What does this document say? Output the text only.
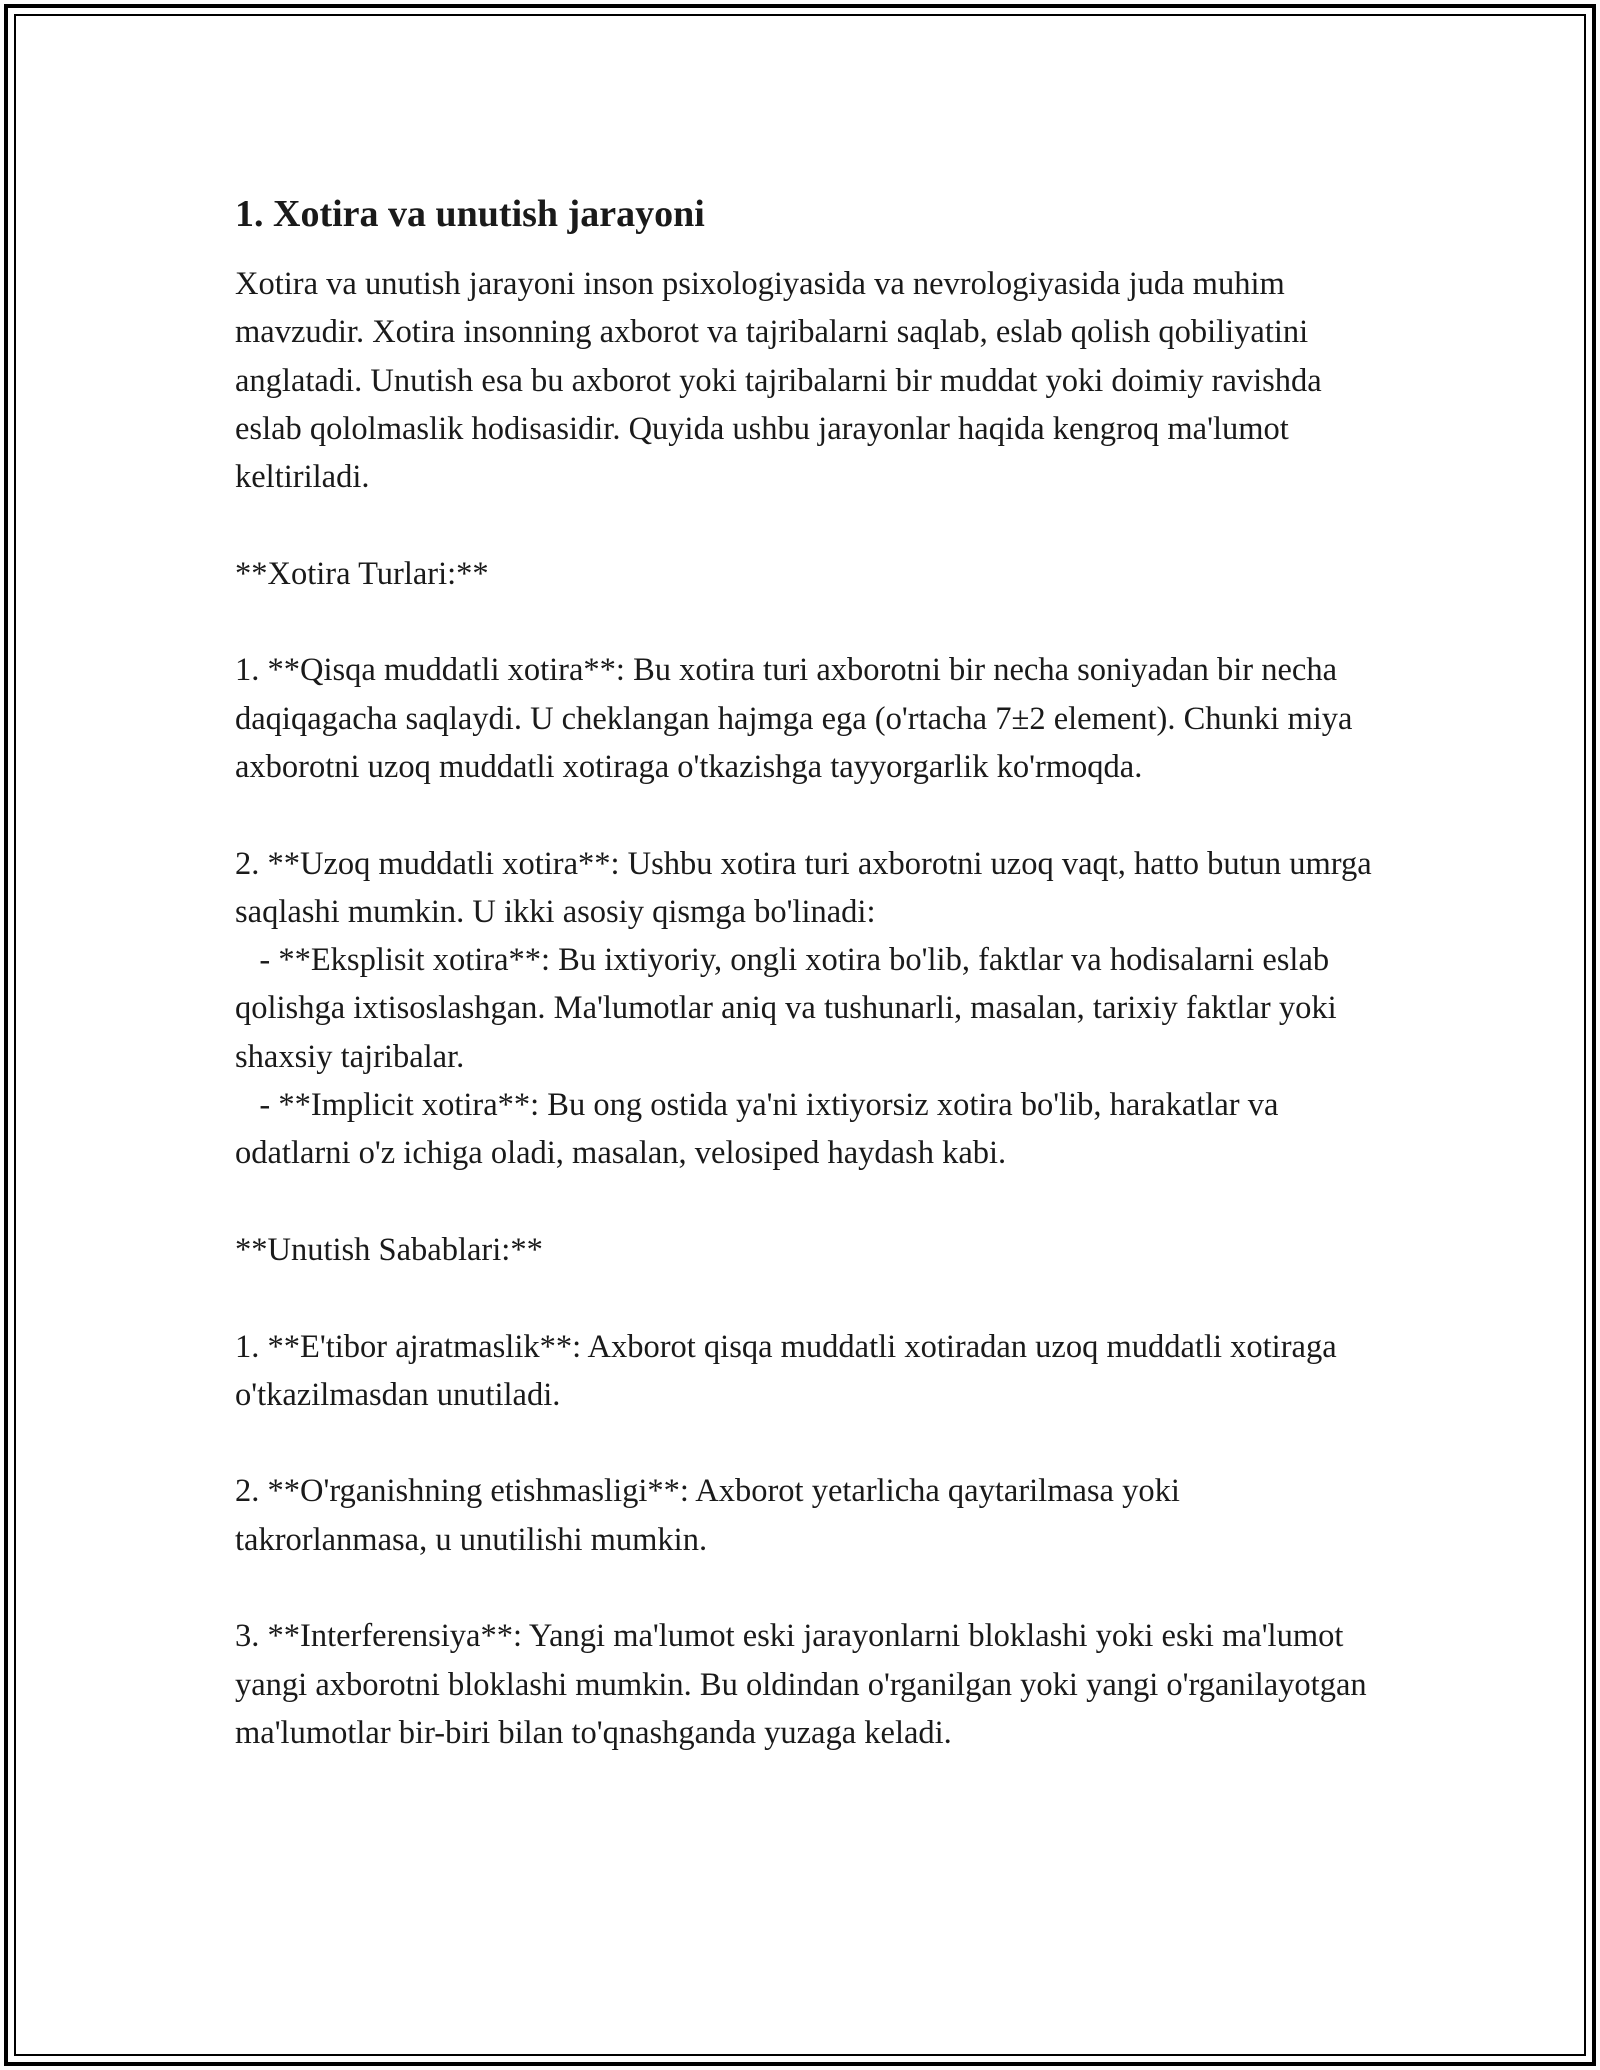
1. Xotira va unutish jarayoni

Xotira va unutish jarayoni inson psixologiyasida va nevrologiyasida juda muhim mavzudir. Xotira insonning axborot va tajribalarni saqlab, eslab qolish qobiliyatini anglatadi. Unutish esa bu axborot yoki tajribalarni bir muddat yoki doimiy ravishda eslab qololmaslik hodisasidir. Quyida ushbu jarayonlar haqida kengroq ma'lumot keltiriladi.

**Xotira Turlari:**

1. **Qisqa muddatli xotira**: Bu xotira turi axborotni bir necha soniyadan bir necha daqiqagacha saqlaydi. U cheklangan hajmga ega (o'rtacha 7±2 element). Chunki miya axborotni uzoq muddatli xotiraga o'tkazishga tayyorgarlik ko'rmoqda.

2. **Uzoq muddatli xotira**: Ushbu xotira turi axborotni uzoq vaqt, hatto butun umrga saqlashi mumkin. U ikki asosiy qismga bo'linadi:
- **Eksplisit xotira**: Bu ixtiyoriy, ongli xotira bo'lib, faktlar va hodisalarni eslab qolishga ixtisoslashgan. Ma'lumotlar aniq va tushunarli, masalan, tarixiy faktlar yoki shaxsiy tajribalar.
- **Implicit xotira**: Bu ong ostida ya'ni ixtiyorsiz xotira bo'lib, harakatlar va odatlarni o'z ichiga oladi, masalan, velosiped haydash kabi.

**Unutish Sabablari:**

1. **E'tibor ajratmaslik**: Axborot qisqa muddatli xotiradan uzoq muddatli xotiraga o'tkazilmasdan unutiladi.

2. **O'rganishning etishmasligi**: Axborot yetarlicha qaytarilmasa yoki takrorlanmasa, u unutilishi mumkin.

3. **Interferensiya**: Yangi ma'lumot eski jarayonlarni bloklashi yoki eski ma'lumot yangi axborotni bloklashi mumkin. Bu oldindan o'rganilgan yoki yangi o'rganilayotgan ma'lumotlar bir-biri bilan to'qnashganda yuzaga keladi.
